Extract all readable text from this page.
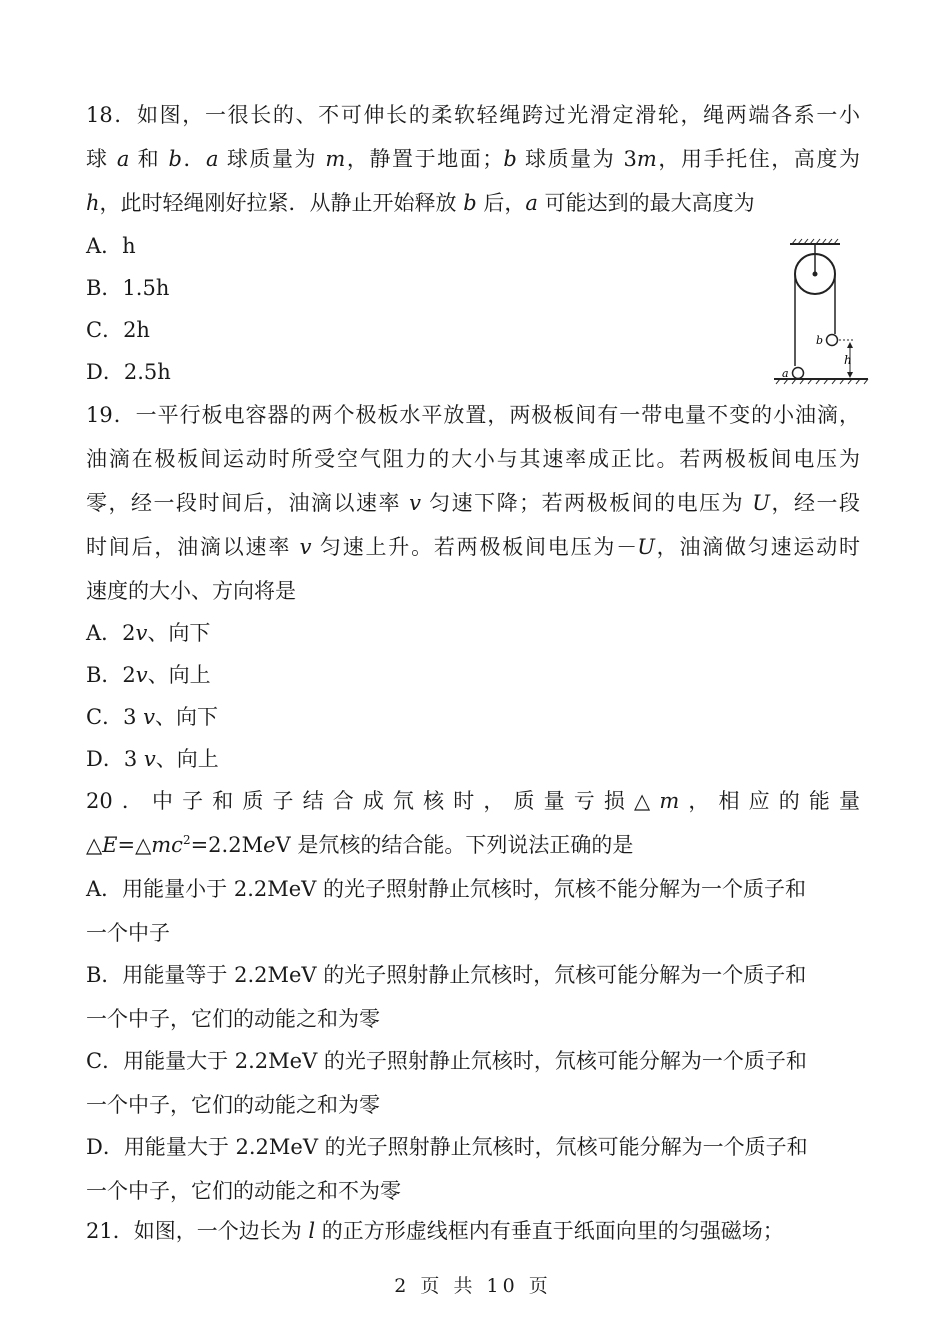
18．如图，一很长的、不可伸长的柔软轻绳跨过光滑定滑轮，绳两端各系一小
球 a 和 b．a 球质量为 m，静置于地面；b 球质量为 3m，用手托住，高度为
h，此时轻绳刚好拉紧．从静止开始释放 b 后，a 可能达到的最大高度为
A．h
B．1.5h
C．2h
D．2.5h	a
b
h
19．一平行板电容器的两个极板水平放置，两极板间有一带电量不变的小油滴，
油滴在极板间运动时所受空气阻力的大小与其速率成正比。若两极板间电压为
零，经一段时间后，油滴以速率 v 匀速下降；若两极板间的电压为 U，经一段
时间后，油滴以速率 v 匀速上升。若两极板间电压为－U，油滴做匀速运动时
速度的大小、方向将是
A．2v、向下
B．2v、向上
C．3 v、向下
D．3 v、向上
20．中子和质子结合成氘核时，质量亏损△m，相应的能量
$\triangle E=\triangle mc^2=2.2MeV$ 是氘核的结合能。下列说法正确的是
A．用能量小于 2.2MeV 的光子照射静止氘核时，氘核不能分解为一个质子和
一个中子
B．用能量等于 2.2MeV 的光子照射静止氘核时，氘核可能分解为一个质子和
一个中子，它们的动能之和为零
C．用能量大于 2.2MeV 的光子照射静止氘核时，氘核可能分解为一个质子和
一个中子，它们的动能之和为零
D．用能量大于 2.2MeV 的光子照射静止氘核时，氘核可能分解为一个质子和
一个中子，它们的动能之和不为零
21．如图，一个边长为 l 的正方形虚线框内有垂直于纸面向里的匀强磁场；
2 页 共 10 页
